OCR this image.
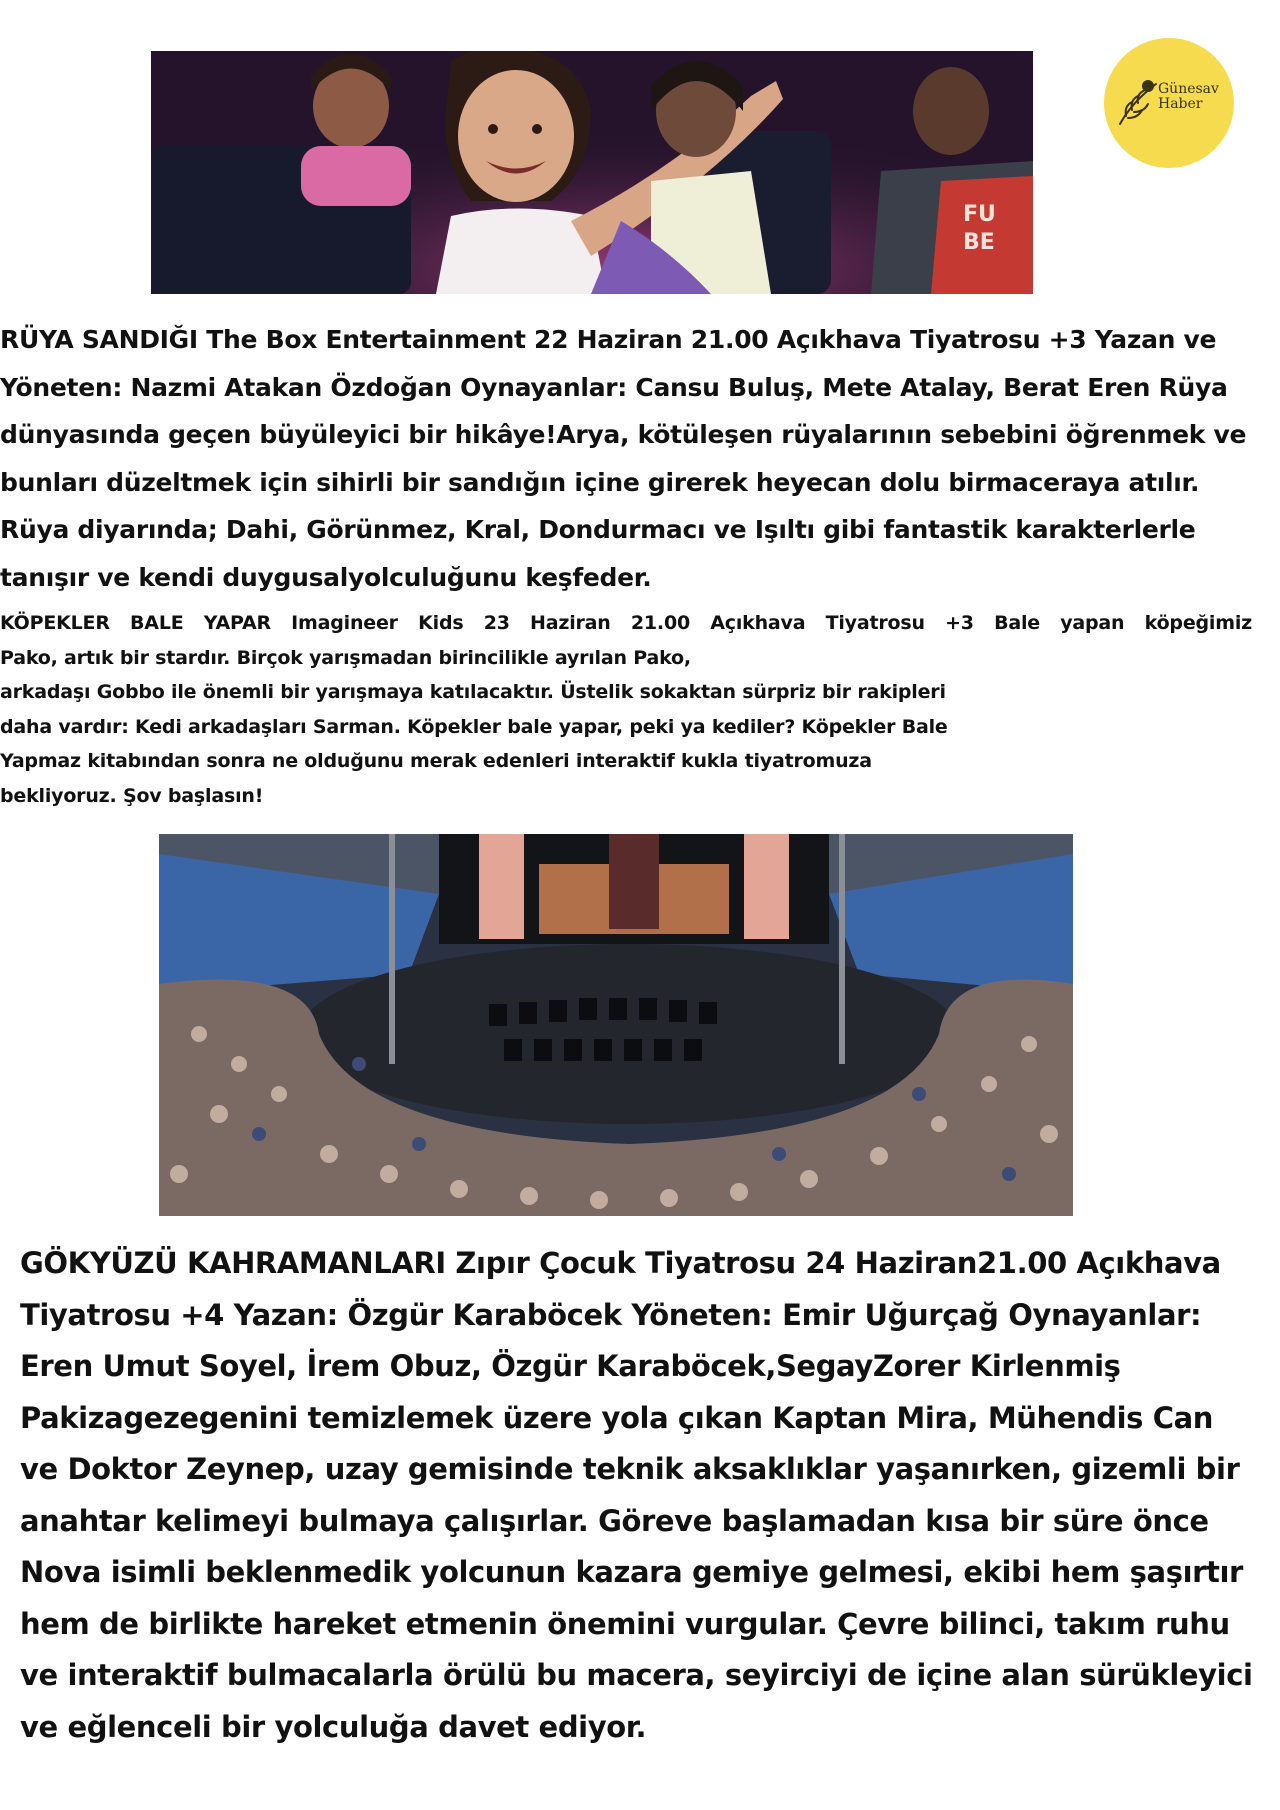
FU
BE
Günesav
Haber

RÜYA SANDIĞI The Box Entertainment 22 Haziran 21.00 Açıkhava Tiyatrosu +3 Yazan ve Yöneten: Nazmi Atakan Özdoğan Oynayanlar: Cansu Buluş, Mete Atalay, Berat Eren Rüya dünyasında geçen büyüleyici bir hikâye!Arya, kötüleşen rüyalarının sebebini öğrenmek ve bunları düzeltmek için sihirli bir sandığın içine girerek heyecan dolu birmaceraya atılır. Rüya diyarında; Dahi, Görünmez, Kral, Dondurmacı ve Işıltı gibi fantastik karakterlerle tanışır ve kendi duygusalyolculuğunu keşfeder.

KÖPEKLER BALE YAPAR Imagineer Kids 23 Haziran 21.00 Açıkhava Tiyatrosu +3 Bale yapan köpeğimiz
Pako, artık bir stardır. Birçok yarışmadan birincilikle ayrılan Pako,
arkadaşı Gobbo ile önemli bir yarışmaya katılacaktır. Üstelik sokaktan sürpriz bir rakipleri
daha vardır: Kedi arkadaşları Sarman. Köpekler bale yapar, peki ya kediler? Köpekler Bale
Yapmaz kitabından sonra ne olduğunu merak edenleri interaktif kukla tiyatromuza
bekliyoruz. Şov başlasın!

GÖKYÜZÜ KAHRAMANLARI Zıpır Çocuk Tiyatrosu 24 Haziran21.00 Açıkhava Tiyatrosu +4 Yazan: Özgür Karaböcek Yöneten: Emir Uğurçağ Oynayanlar: Eren Umut Soyel, İrem Obuz, Özgür Karaböcek,SegayZorer Kirlenmiş Pakizagezegenini temizlemek üzere yola çıkan Kaptan Mira, Mühendis Can ve Doktor Zeynep, uzay gemisinde teknik aksaklıklar yaşanırken, gizemli bir anahtar kelimeyi bulmaya çalışırlar. Göreve başlamadan kısa bir süre önce Nova isimli beklenmedik yolcunun kazara gemiye gelmesi, ekibi hem şaşırtır hem de birlikte hareket etmenin önemini vurgular. Çevre bilinci, takım ruhu ve interaktif bulmacalarla örülü bu macera, seyirciyi de içine alan sürükleyici ve eğlenceli bir yolculuğa davet ediyor.
